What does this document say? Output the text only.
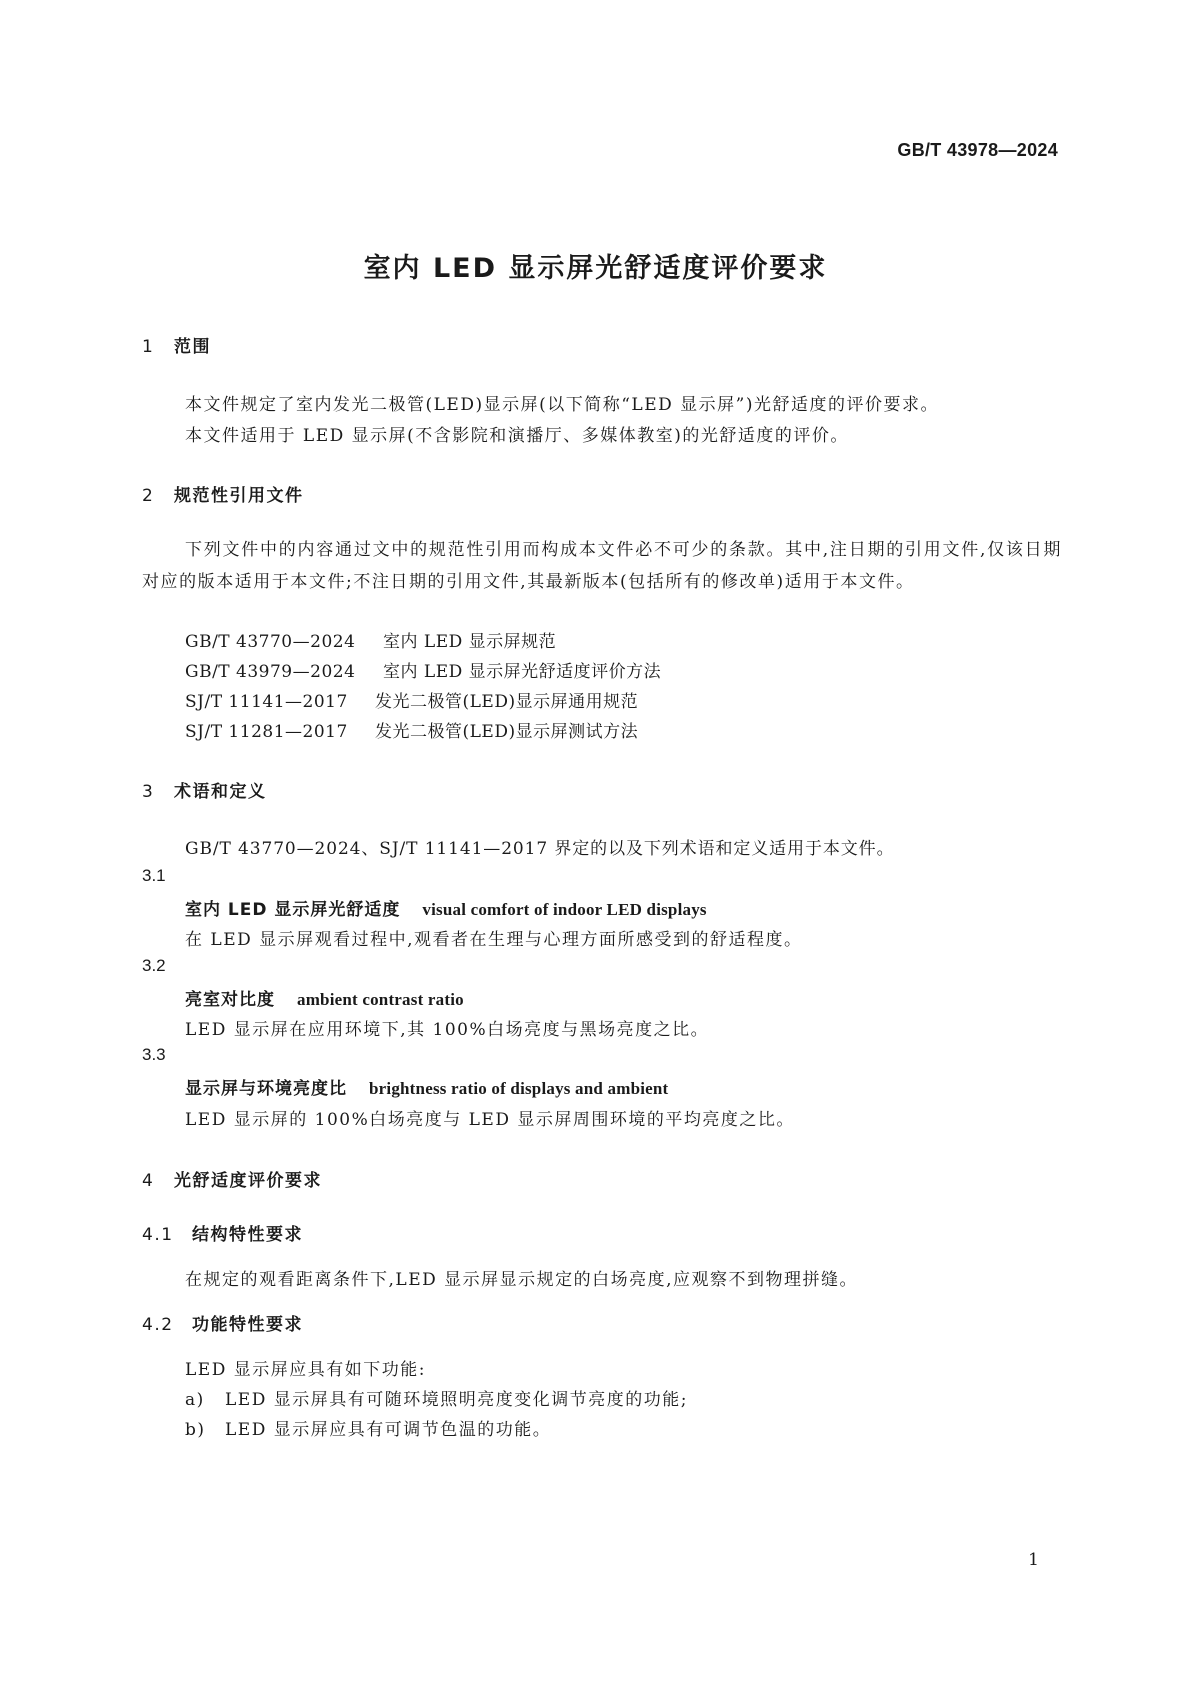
GB/T 43978—2024
室内 LED 显示屏光舒适度评价要求
1 范围
本文件规定了室内发光二极管(LED)显示屏(以下简称“LED 显示屏”)光舒适度的评价要求。
本文件适用于 LED 显示屏(不含影院和演播厅、多媒体教室)的光舒适度的评价。
2 规范性引用文件
下列文件中的内容通过文中的规范性引用而构成本文件必不可少的条款。其中,注日期的引用文件,仅该日期对应的版本适用于本文件;不注日期的引用文件,其最新版本(包括所有的修改单)适用于本文件。
GB/T 43770—2024 室内 LED 显示屏规范
GB/T 43979—2024 室内 LED 显示屏光舒适度评价方法
SJ/T 11141—2017 发光二极管(LED)显示屏通用规范
SJ/T 11281—2017 发光二极管(LED)显示屏测试方法
3 术语和定义
GB/T 43770—2024、SJ/T 11141—2017 界定的以及下列术语和定义适用于本文件。
3.1
室内 LED 显示屏光舒适度 visual comfort of indoor LED displays
在 LED 显示屏观看过程中,观看者在生理与心理方面所感受到的舒适程度。
3.2
亮室对比度 ambient contrast ratio
LED 显示屏在应用环境下,其 100%白场亮度与黑场亮度之比。
3.3
显示屏与环境亮度比 brightness ratio of displays and ambient
LED 显示屏的 100%白场亮度与 LED 显示屏周围环境的平均亮度之比。
4 光舒适度评价要求
4.1 结构特性要求
在规定的观看距离条件下,LED 显示屏显示规定的白场亮度,应观察不到物理拼缝。
4.2 功能特性要求
LED 显示屏应具有如下功能:
a) LED 显示屏具有可随环境照明亮度变化调节亮度的功能;
b) LED 显示屏应具有可调节色温的功能。
1
